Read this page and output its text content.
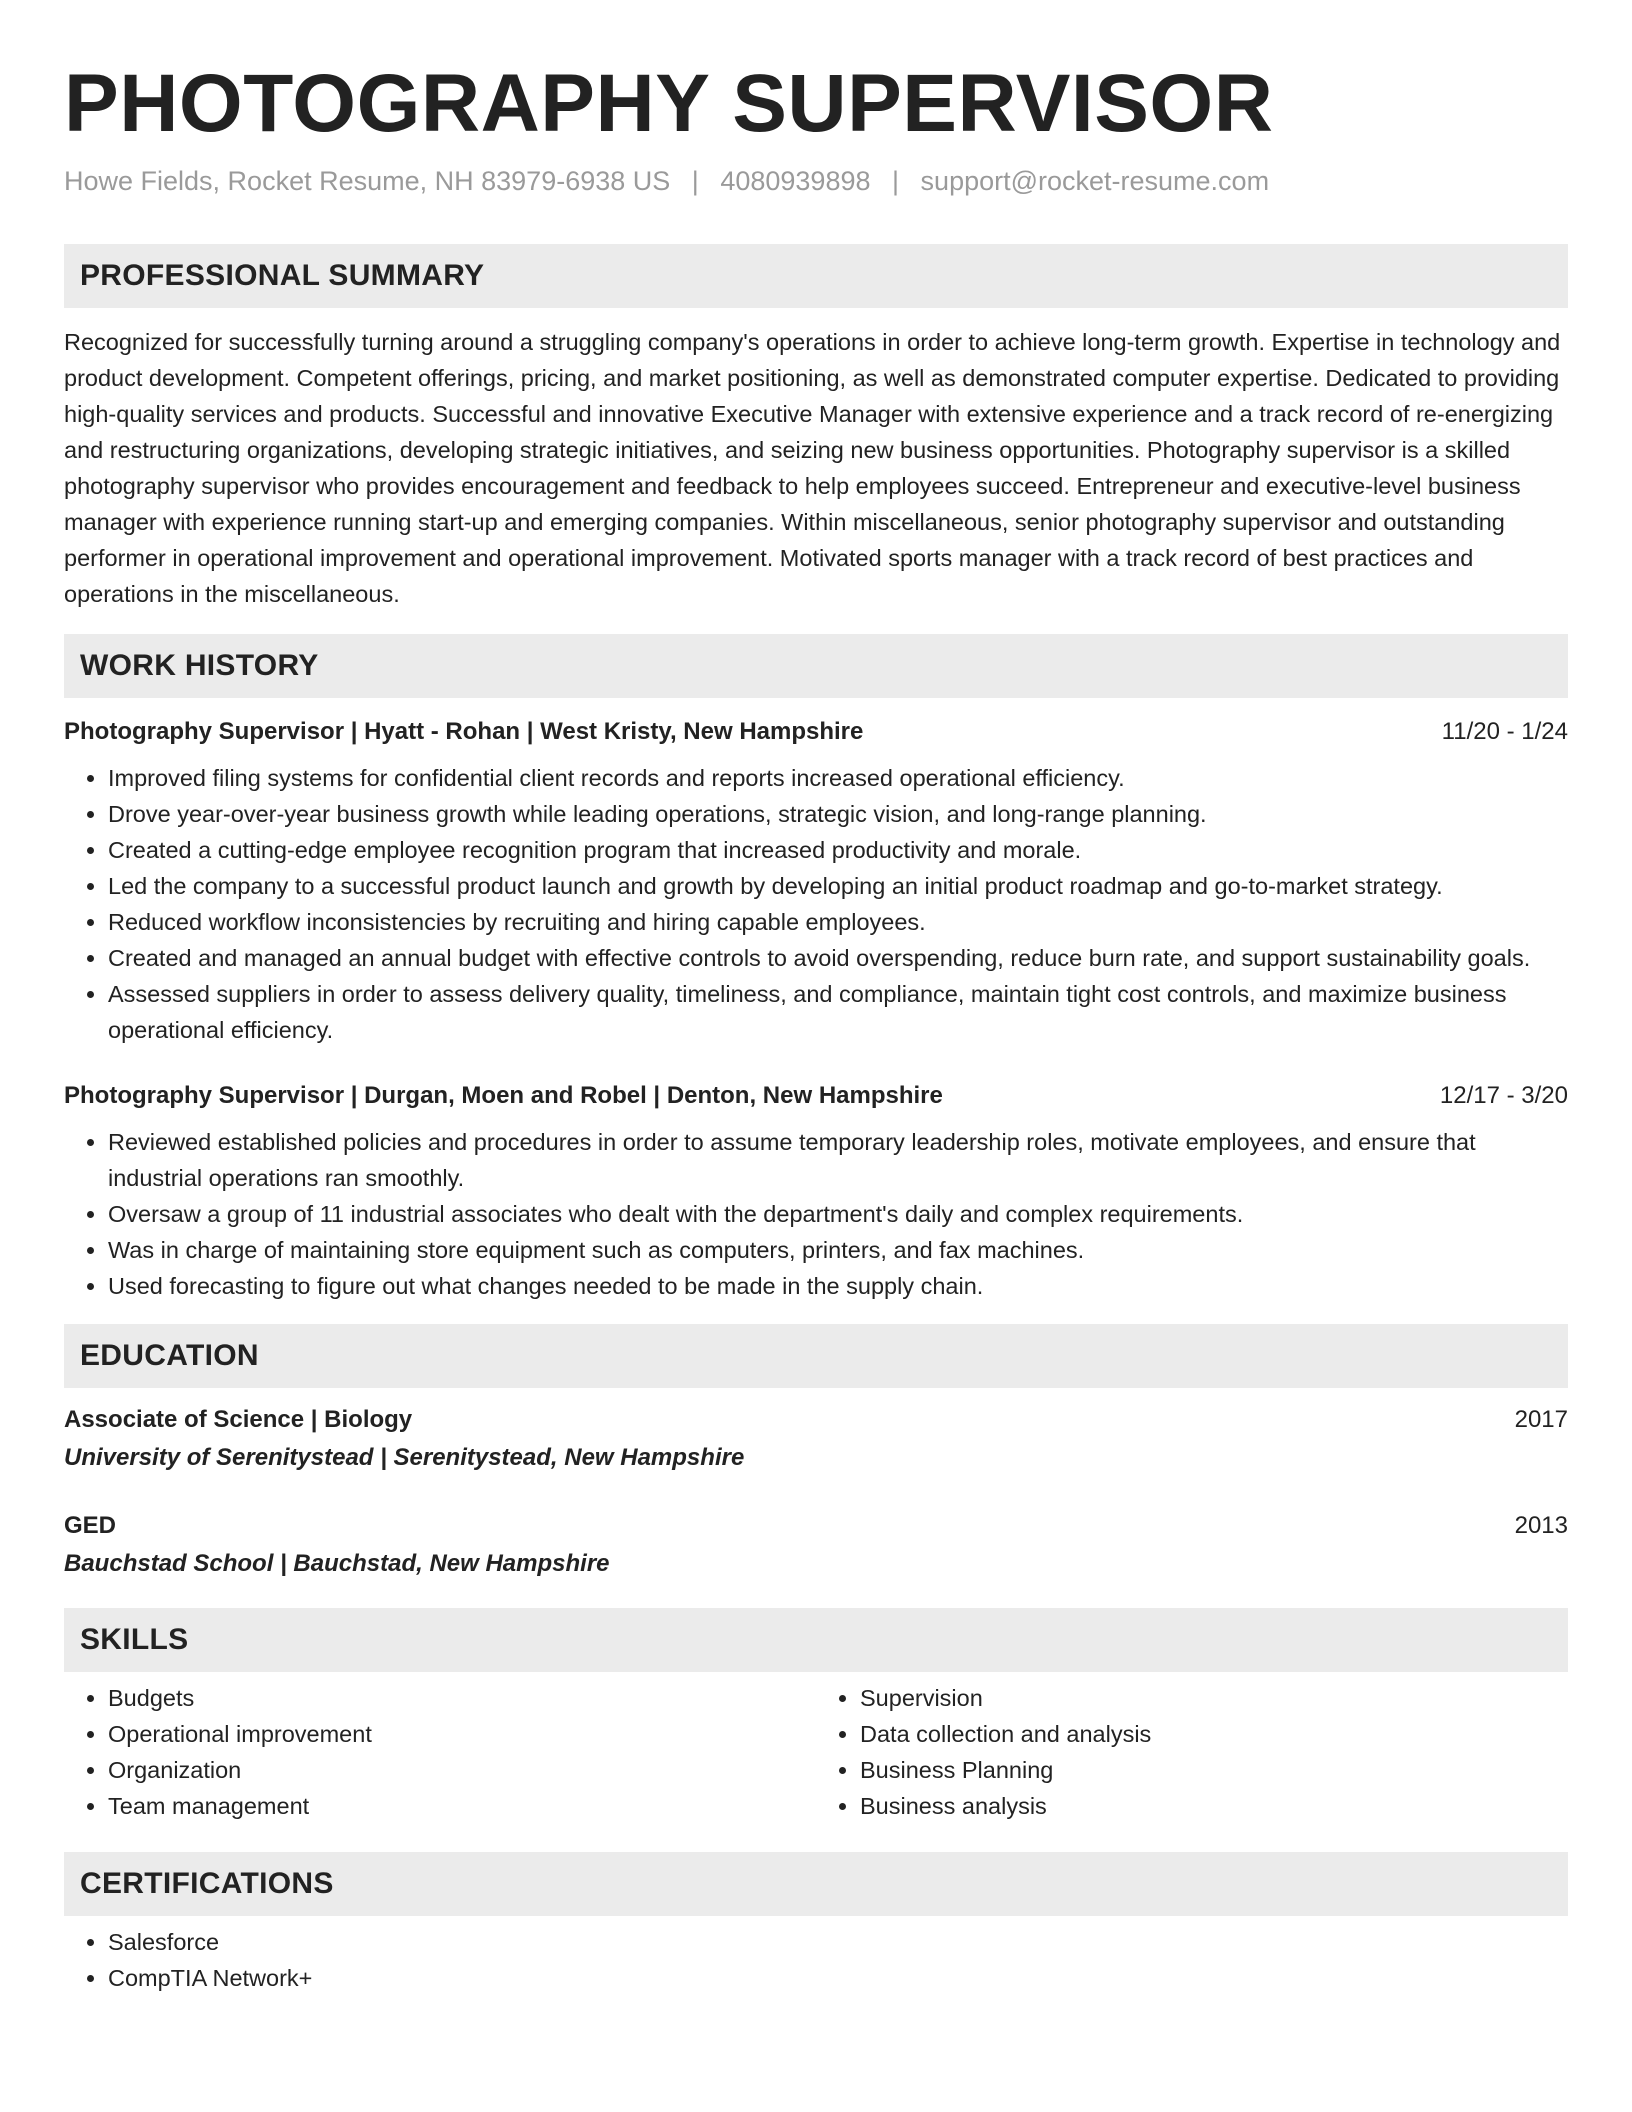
PHOTOGRAPHY SUPERVISOR
Howe Fields, Rocket Resume, NH 83979-6938 US | 4080939898 | support@rocket-resume.com
PROFESSIONAL SUMMARY
Recognized for successfully turning around a struggling company's operations in order to achieve long-term growth. Expertise in technology and product development. Competent offerings, pricing, and market positioning, as well as demonstrated computer expertise. Dedicated to providing high-quality services and products. Successful and innovative Executive Manager with extensive experience and a track record of re-energizing and restructuring organizations, developing strategic initiatives, and seizing new business opportunities. Photography supervisor is a skilled photography supervisor who provides encouragement and feedback to help employees succeed. Entrepreneur and executive-level business manager with experience running start-up and emerging companies. Within miscellaneous, senior photography supervisor and outstanding performer in operational improvement and operational improvement. Motivated sports manager with a track record of best practices and operations in the miscellaneous.
WORK HISTORY
Photography Supervisor | Hyatt - Rohan | West Kristy, New Hampshire	11/20 - 1/24
• Improved filing systems for confidential client records and reports increased operational efficiency.
• Drove year-over-year business growth while leading operations, strategic vision, and long-range planning.
• Created a cutting-edge employee recognition program that increased productivity and morale.
• Led the company to a successful product launch and growth by developing an initial product roadmap and go-to-market strategy.
• Reduced workflow inconsistencies by recruiting and hiring capable employees.
• Created and managed an annual budget with effective controls to avoid overspending, reduce burn rate, and support sustainability goals.
• Assessed suppliers in order to assess delivery quality, timeliness, and compliance, maintain tight cost controls, and maximize business operational efficiency.
Photography Supervisor | Durgan, Moen and Robel | Denton, New Hampshire	12/17 - 3/20
• Reviewed established policies and procedures in order to assume temporary leadership roles, motivate employees, and ensure that industrial operations ran smoothly.
• Oversaw a group of 11 industrial associates who dealt with the department's daily and complex requirements.
• Was in charge of maintaining store equipment such as computers, printers, and fax machines.
• Used forecasting to figure out what changes needed to be made in the supply chain.
EDUCATION
Associate of Science | Biology	2017
University of Serenitystead | Serenitystead, New Hampshire
GED	2013
Bauchstad School | Bauchstad, New Hampshire
SKILLS
• Budgets
• Operational improvement
• Organization
• Team management
• Supervision
• Data collection and analysis
• Business Planning
• Business analysis
CERTIFICATIONS
• Salesforce
• CompTIA Network+
